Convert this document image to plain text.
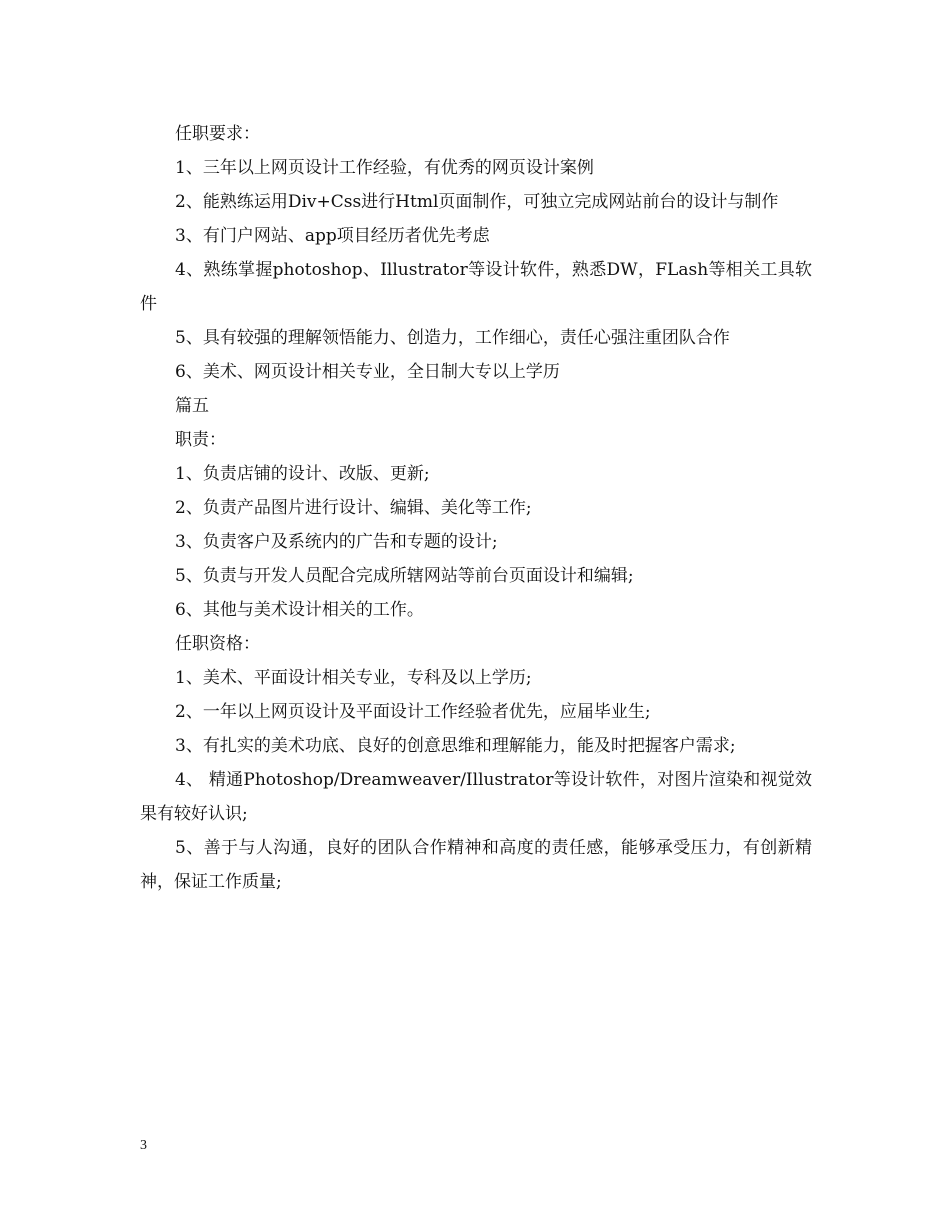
任职要求：

1、三年以上网页设计工作经验，有优秀的网页设计案例

2、能熟练运用Div+Css进行Html页面制作，可独立完成网站前台的设计与制作

3、有门户网站、app项目经历者优先考虑

4、熟练掌握photoshop、Illustrator等设计软件，熟悉DW，FLash等相关工具软件

5、具有较强的理解领悟能力、创造力，工作细心，责任心强注重团队合作

6、美术、网页设计相关专业，全日制大专以上学历

篇五

职责：

1、负责店铺的设计、改版、更新;

2、负责产品图片进行设计、编辑、美化等工作;

3、负责客户及系统内的广告和专题的设计;

5、负责与开发人员配合完成所辖网站等前台页面设计和编辑;

6、其他与美术设计相关的工作。

任职资格：

1、美术、平面设计相关专业，专科及以上学历;

2、一年以上网页设计及平面设计工作经验者优先，应届毕业生;

3、有扎实的美术功底、良好的创意思维和理解能力，能及时把握客户需求;

4、 精通Photoshop/Dreamweaver/Illustrator等设计软件，对图片渲染和视觉效果有较好认识;

5、善于与人沟通，良好的团队合作精神和高度的责任感，能够承受压力，有创新精神，保证工作质量;

3
